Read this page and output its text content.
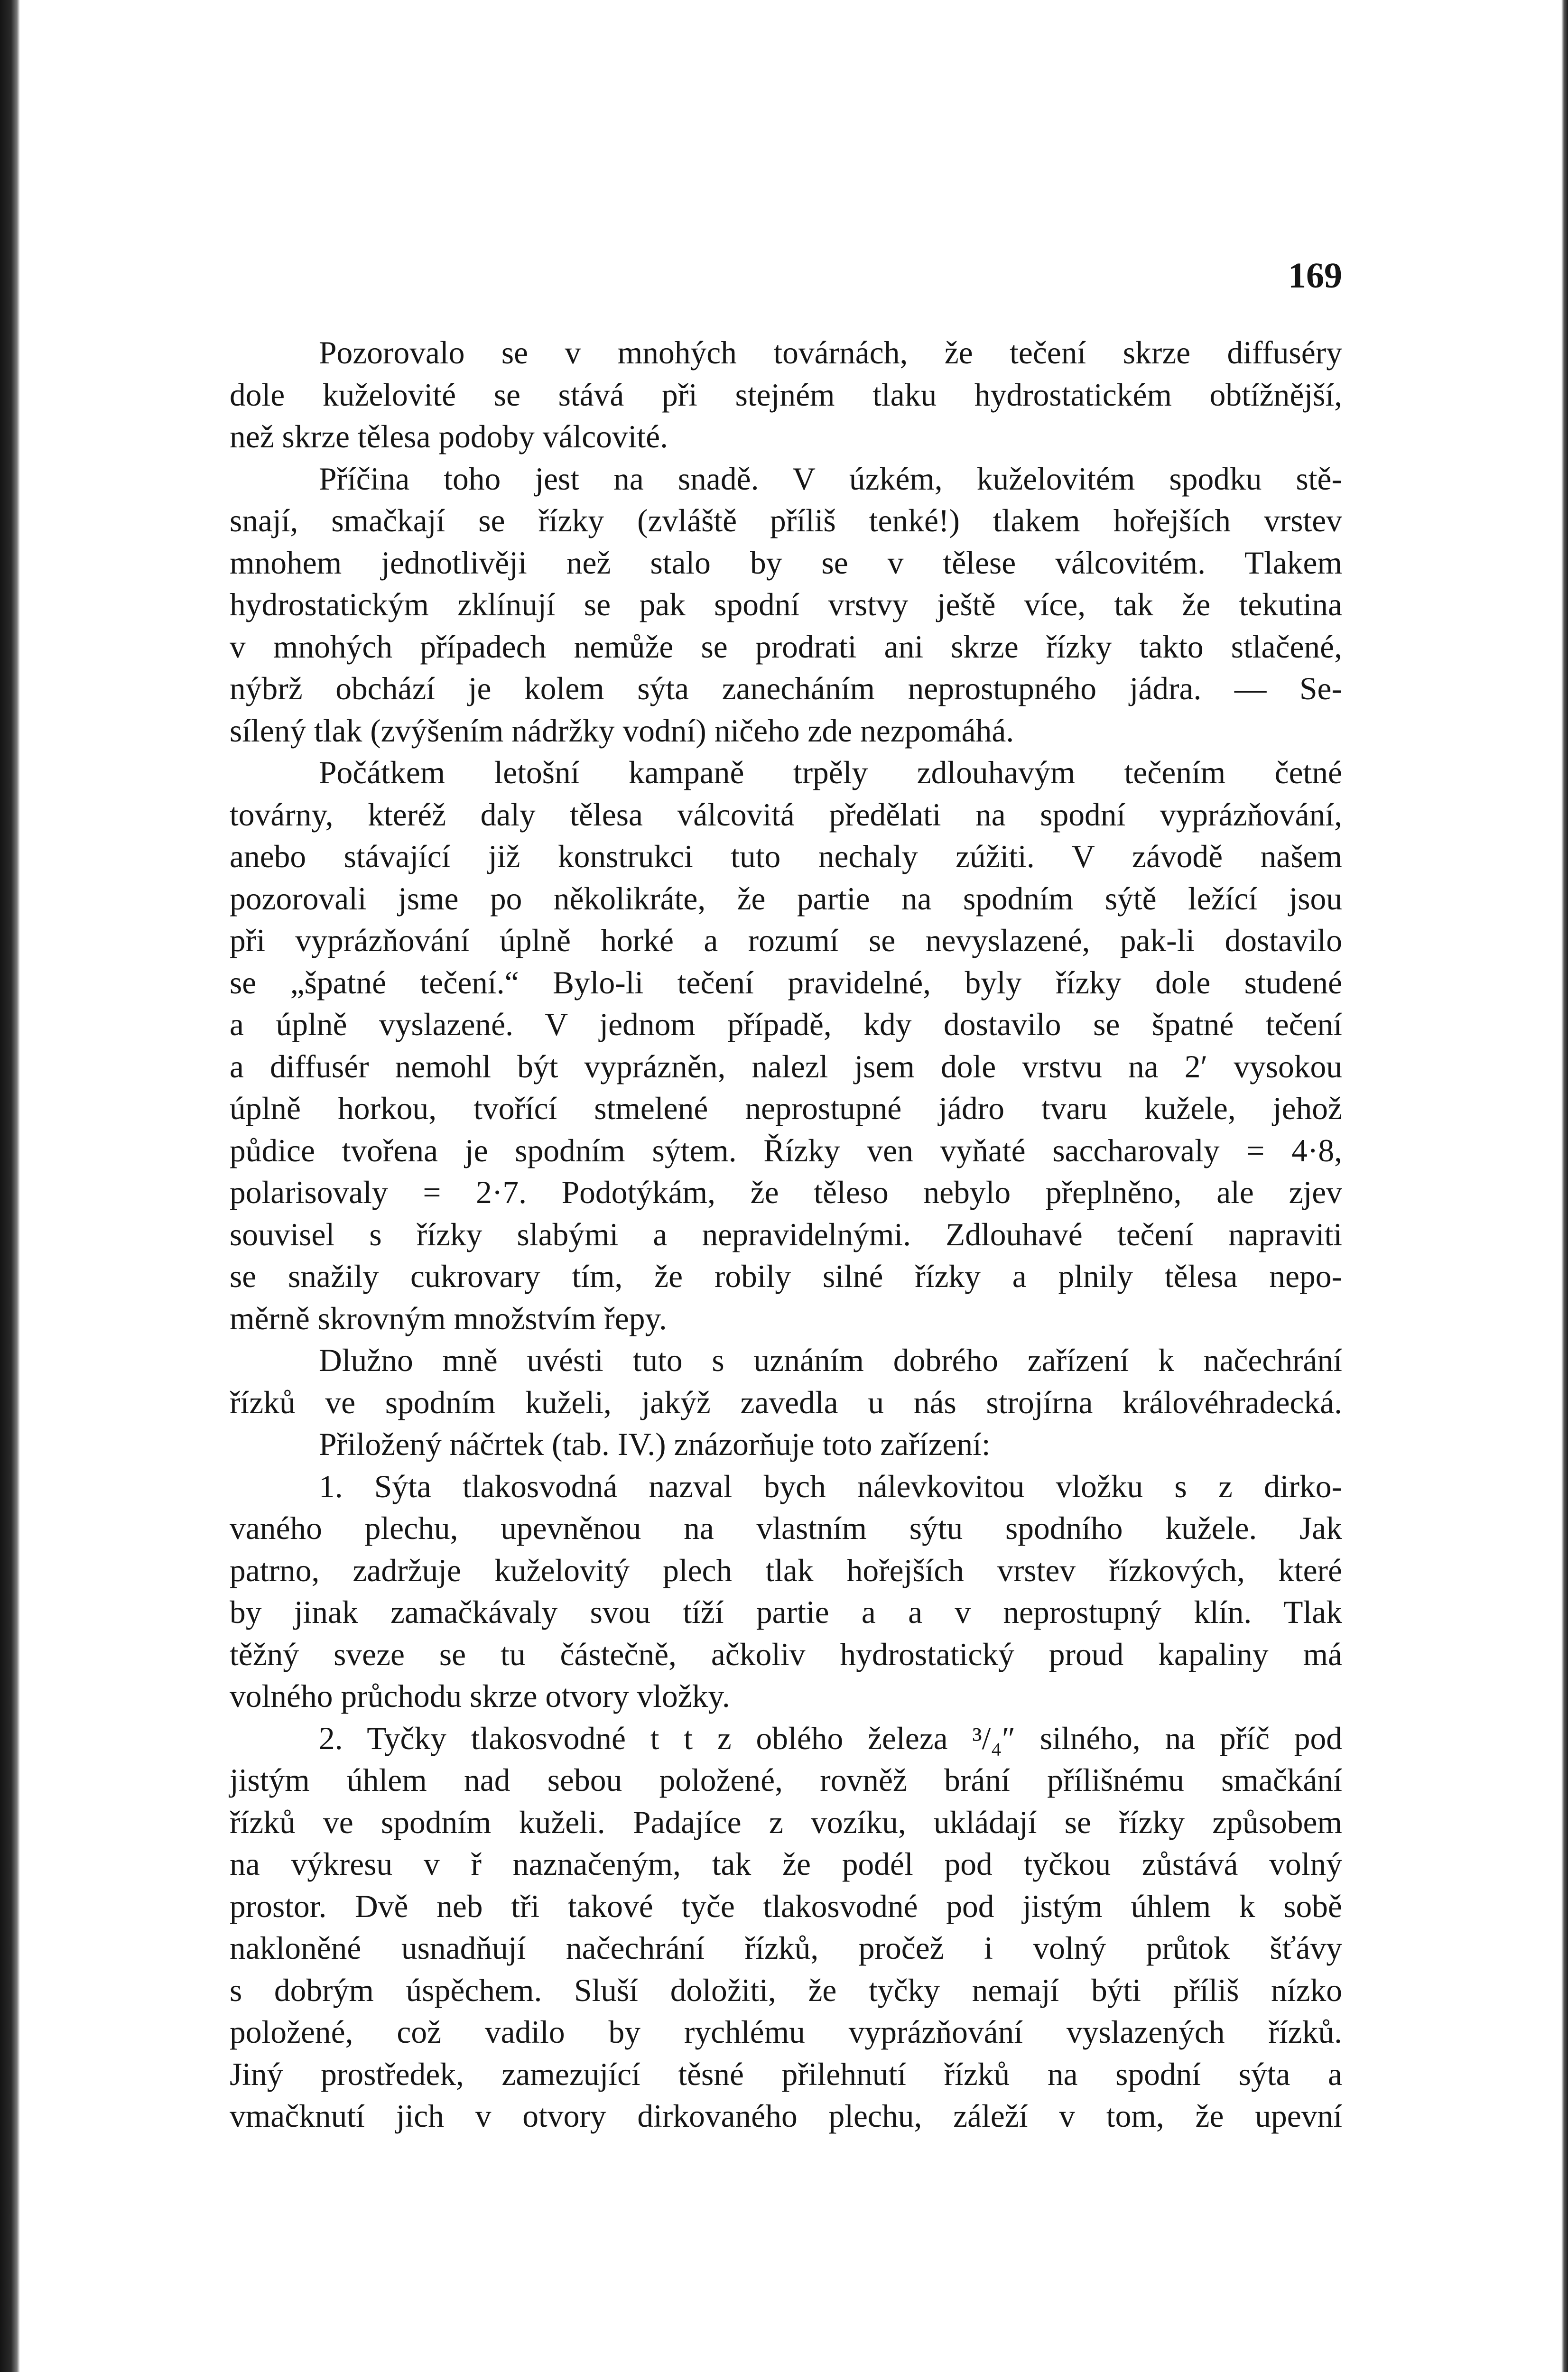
169

Pozorovalo se v mnohých továrnách, že tečení skrze diffuséry
dole kuželovité se stává při stejném tlaku hydrostatickém obtížnější,
než skrze tělesa podoby válcovité.
Příčina toho jest na snadě. V úzkém, kuželovitém spodku stě-
snají, smačkají se řízky (zvláště příliš tenké!) tlakem hořejších vrstev
mnohem jednotlivěji než stalo by se v tělese válcovitém. Tlakem
hydrostatickým zklínují se pak spodní vrstvy ještě více, tak že tekutina
v mnohých případech nemůže se prodrati ani skrze řízky takto stlačené,
nýbrž obchází je kolem sýta zanecháním neprostupného jádra. — Se-
sílený tlak (zvýšením nádržky vodní) ničeho zde nezpomáhá.
Počátkem letošní kampaně trpěly zdlouhavým tečením četné
továrny, kteréž daly tělesa válcovitá předělati na spodní vyprázňování,
anebo stávající již konstrukci tuto nechaly zúžiti. V závodě našem
pozorovali jsme po několikráte, že partie na spodním sýtě ležící jsou
při vyprázňování úplně horké a rozumí se nevyslazené, pak-li dostavilo
se „špatné tečení.“ Bylo-li tečení pravidelné, byly řízky dole studené
a úplně vyslazené. V jednom případě, kdy dostavilo se špatné tečení
a diffusér nemohl být vyprázněn, nalezl jsem dole vrstvu na 2′ vysokou
úplně horkou, tvořící stmelené neprostupné jádro tvaru kužele, jehož
půdice tvořena je spodním sýtem. Řízky ven vyňaté saccharovaly = 4·8,
polarisovaly = 2·7. Podotýkám, že těleso nebylo přeplněno, ale zjev
souvisel s řízky slabými a nepravidelnými. Zdlouhavé tečení napraviti
se snažily cukrovary tím, že robily silné řízky a plnily tělesa nepo-
měrně skrovným množstvím řepy.
Dlužno mně uvésti tuto s uznáním dobrého zařízení k načechrání
řízků ve spodním kuželi, jakýž zavedla u nás strojírna královéhradecká.
Přiložený náčrtek (tab. IV.) znázorňuje toto zařízení:
1. Sýta tlakosvodná nazval bych nálevkovitou vložku s z dirko-
vaného plechu, upevněnou na vlastním sýtu spodního kužele. Jak
patrno, zadržuje kuželovitý plech tlak hořejších vrstev řízkových, které
by jinak zamačkávaly svou tíží partie a a v neprostupný klín. Tlak
těžný sveze se tu částečně, ačkoliv hydrostatický proud kapaliny má
volného průchodu skrze otvory vložky.
2. Tyčky tlakosvodné t t z oblého železa ³/₄″ silného, na příč pod
jistým úhlem nad sebou položené, rovněž brání přílišnému smačkání
řízků ve spodním kuželi. Padajíce z vozíku, ukládají se řízky způsobem
na výkresu v ř naznačeným, tak že podél pod tyčkou zůstává volný
prostor. Dvě neb tři takové tyče tlakosvodné pod jistým úhlem k sobě
nakloněné usnadňují načechrání řízků, pročež i volný průtok šťávy
s dobrým úspěchem. Sluší doložiti, že tyčky nemají býti příliš nízko
položené, což vadilo by rychlému vyprázňování vyslazených řízků.
Jiný prostředek, zamezující těsné přilehnutí řízků na spodní sýta a
vmačknutí jich v otvory dirkovaného plechu, záleží v tom, že upevní
